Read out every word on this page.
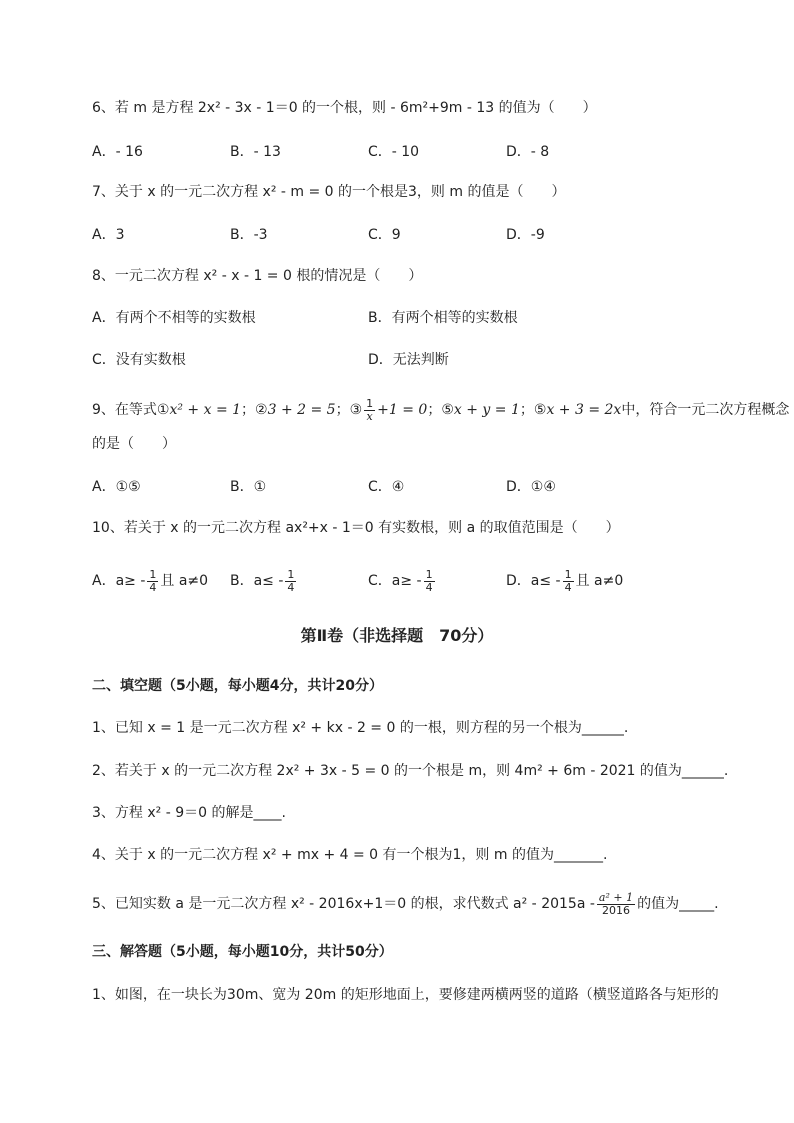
6、若 m 是方程 2x² - 3x - 1＝0 的一个根，则 - 6m²+9m - 13 的值为（　　）
A．- 16	B．- 13	C．- 10	D．- 8
7、关于 x 的一元二次方程 x² - m = 0 的一个根是3，则 m 的值是（　　）
A．3	B．-3	C．9	D．-9
8、一元二次方程 x² - x - 1 = 0 根的情况是（　　）
A．有两个不相等的实数根	B．有两个相等的实数根
C．没有实数根	D．无法判断
9、在等式①x² + x = 1；②3 + 2 = 5；③ $\frac{1}{x} +1 = 0$；⑤x + y = 1；⑤x + 3 = 2x中，符合一元二次方程概念
的是（　　）
A．①⑤	B．①	C．④	D．①④
10、若关于 x 的一元二次方程 ax²+x - 1＝0 有实数根，则 a 的取值范围是（　　）
A．$a\ge - \frac{1}{4}$ 且 a≠0 B．$a\le - \frac{1}{4}$	C．$a\ge - \frac{1}{4}$	D．$a\le - \frac{1}{4}$ 且 a≠0
第Ⅱ卷（非选择题　70分）
二、填空题（5小题，每小题4分，共计20分）
1、已知 x = 1 是一元二次方程 x² + kx - 2 = 0 的一根，则方程的另一个根为______.
2、若关于 x 的一元二次方程 2x² + 3x - 5 = 0 的一个根是 m，则 4m² + 6m - 2021 的值为______.
3、方程 x² - 9＝0 的解是____.
4、关于 x 的一元二次方程 x² + mx + 4 = 0 有一个根为1，则 m 的值为_______.
5、已知实数 a 是一元二次方程 x² - 2016x+1＝0 的根，求代数式 $a^2 - 2015a - \frac{\text{a² + 1}}{2016}$ 的值为_____.
三、解答题（5小题，每小题10分，共计50分）
1、如图，在一块长为30m、宽为 20m 的矩形地面上，要修建两横两竖的道路（横竖道路各与矩形的
